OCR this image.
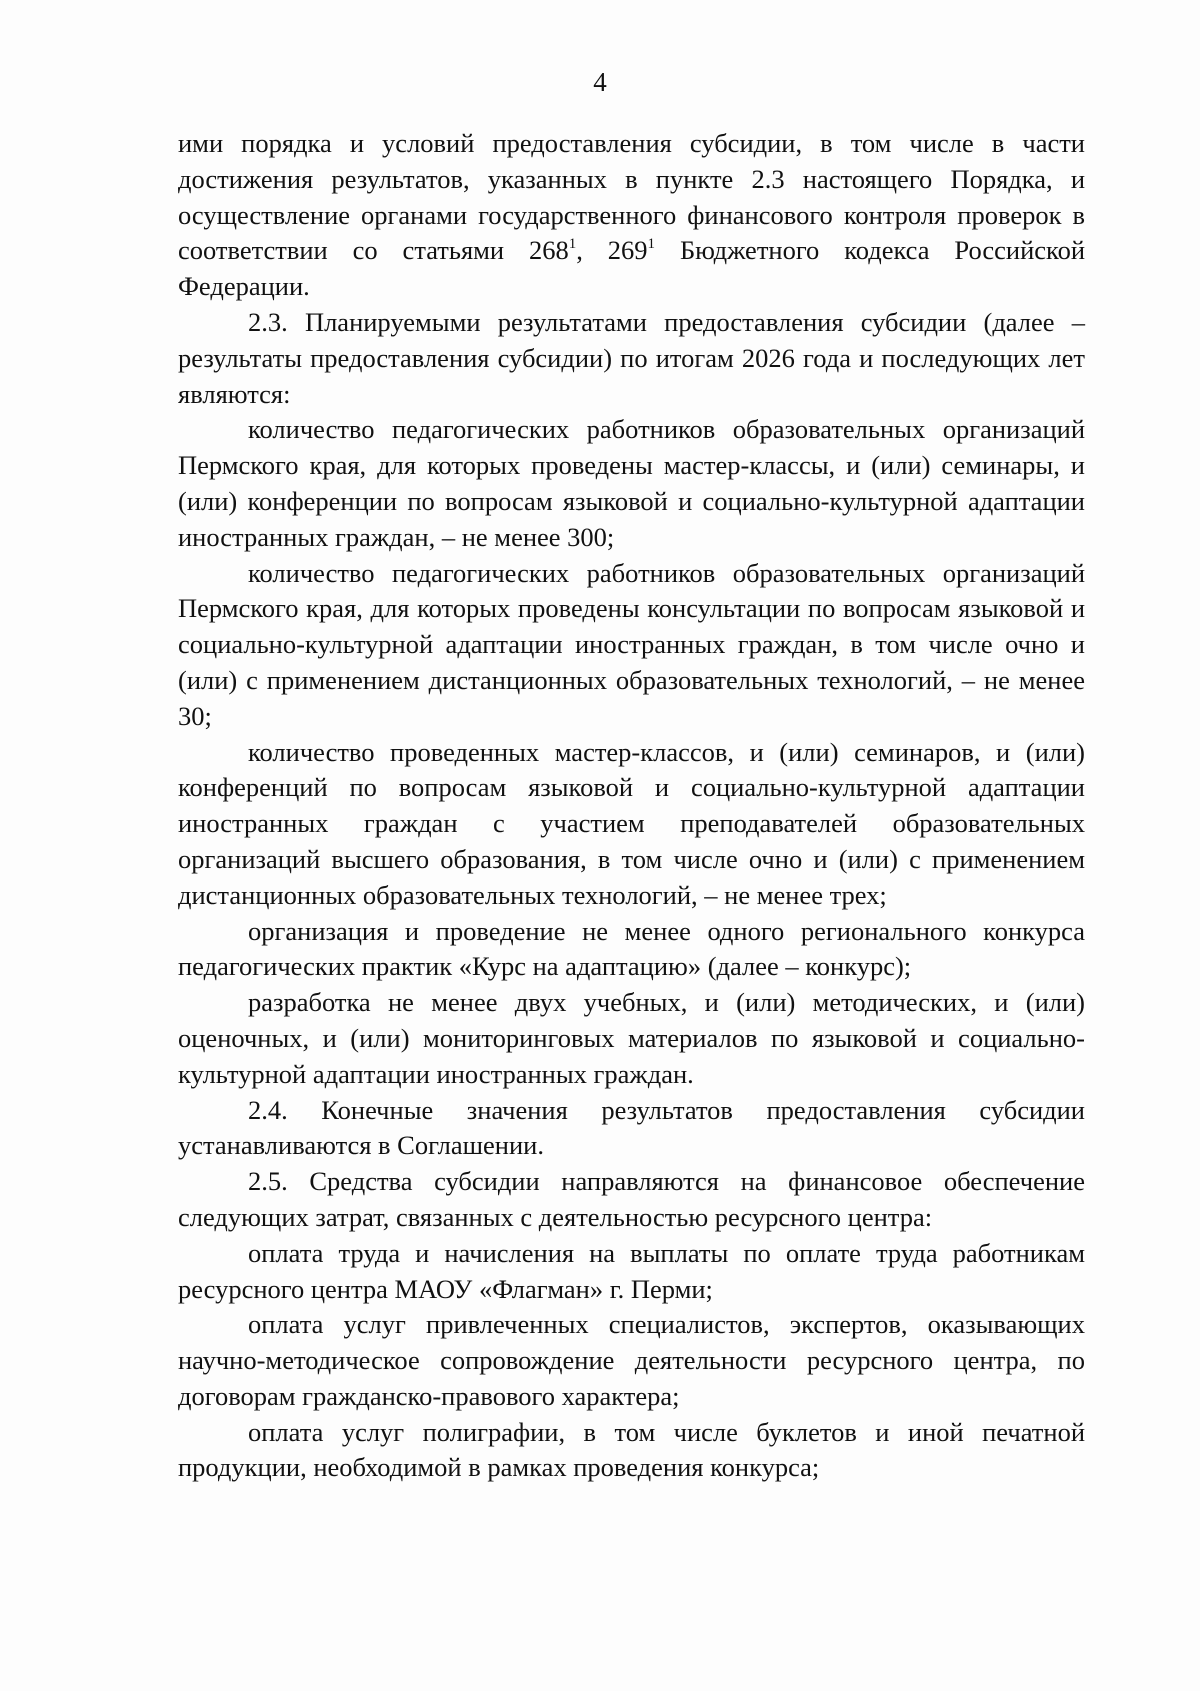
4

ими порядка и условий предоставления субсидии, в том числе в части достижения результатов, указанных в пункте 2.3 настоящего Порядка, и осуществление органами государственного финансового контроля проверок в соответствии со статьями $268^1$, $269^1$ Бюджетного кодекса Российской Федерации.

2.3. Планируемыми результатами предоставления субсидии (далее – результаты предоставления субсидии) по итогам 2026 года и последующих лет являются:

количество педагогических работников образовательных организаций Пермского края, для которых проведены мастер-классы, и (или) семинары, и (или) конференции по вопросам языковой и социально-культурной адаптации иностранных граждан, – не менее 300;

количество педагогических работников образовательных организаций Пермского края, для которых проведены консультации по вопросам языковой и социально-культурной адаптации иностранных граждан, в том числе очно и (или) с применением дистанционных образовательных технологий, – не менее 30;

количество проведенных мастер-классов, и (или) семинаров, и (или) конференций по вопросам языковой и социально-культурной адаптации иностранных граждан с участием преподавателей образовательных организаций высшего образования, в том числе очно и (или) с применением дистанционных образовательных технологий, – не менее трех;

организация и проведение не менее одного регионального конкурса педагогических практик «Курс на адаптацию» (далее – конкурс);

разработка не менее двух учебных, и (или) методических, и (или) оценочных, и (или) мониторинговых материалов по языковой и социально-культурной адаптации иностранных граждан.

2.4. Конечные значения результатов предоставления субсидии устанавливаются в Соглашении.

2.5. Средства субсидии направляются на финансовое обеспечение следующих затрат, связанных с деятельностью ресурсного центра:

оплата труда и начисления на выплаты по оплате труда работникам ресурсного центра МАОУ «Флагман» г. Перми;

оплата услуг привлеченных специалистов, экспертов, оказывающих научно-методическое сопровождение деятельности ресурсного центра, по договорам гражданско-правового характера;

оплата услуг полиграфии, в том числе буклетов и иной печатной продукции, необходимой в рамках проведения конкурса;
